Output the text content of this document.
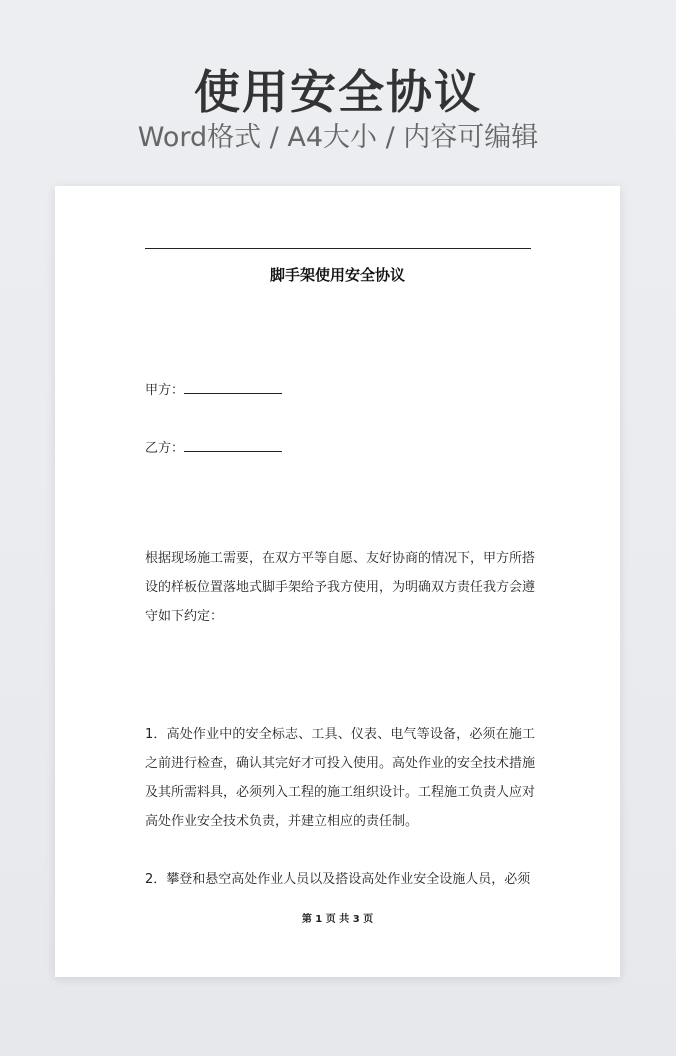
使用安全协议
Word格式 / A4大小 / 内容可编辑
脚手架使用安全协议
甲方：
乙方：
根据现场施工需要，在双方平等自愿、友好协商的情况下，甲方所搭设的样板位置落地式脚手架给予我方使用，为明确双方责任我方会遵守如下约定：
1．高处作业中的安全标志、工具、仪表、电气等设备，必须在施工之前进行检查，确认其完好才可投入使用。高处作业的安全技术措施及其所需料具，必须列入工程的施工组织设计。工程施工负责人应对高处作业安全技术负责，并建立相应的责任制。
2．攀登和悬空高处作业人员以及搭设高处作业安全设施人员，必须
第 1 页 共 3 页
